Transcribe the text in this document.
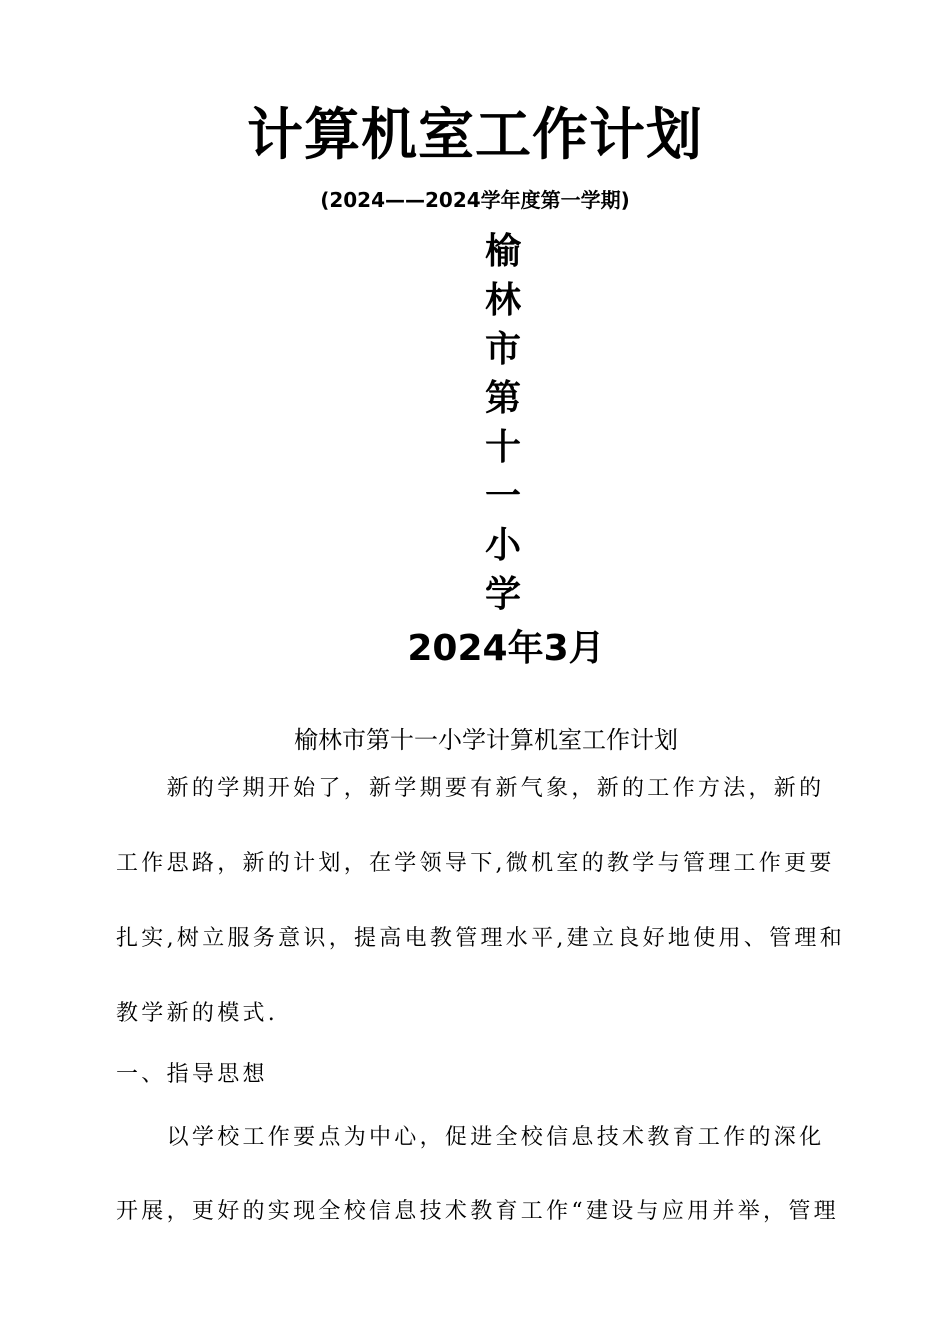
计算机室工作计划
(2024——2024学年度第一学期)
榆
林
市
第
十
一
小
学
2024年3月
榆林市第十一小学计算机室工作计划
　　新的学期开始了，新学期要有新气象，新的工作方法，新的
工作思路，新的计划，在学领导下,微机室的教学与管理工作更要
扎实,树立服务意识，提高电教管理水平,建立良好地使用、管理和
教学新的模式.
一、指导思想
　　以学校工作要点为中心，促进全校信息技术教育工作的深化
开展，更好的实现全校信息技术教育工作“建设与应用并举，管理
